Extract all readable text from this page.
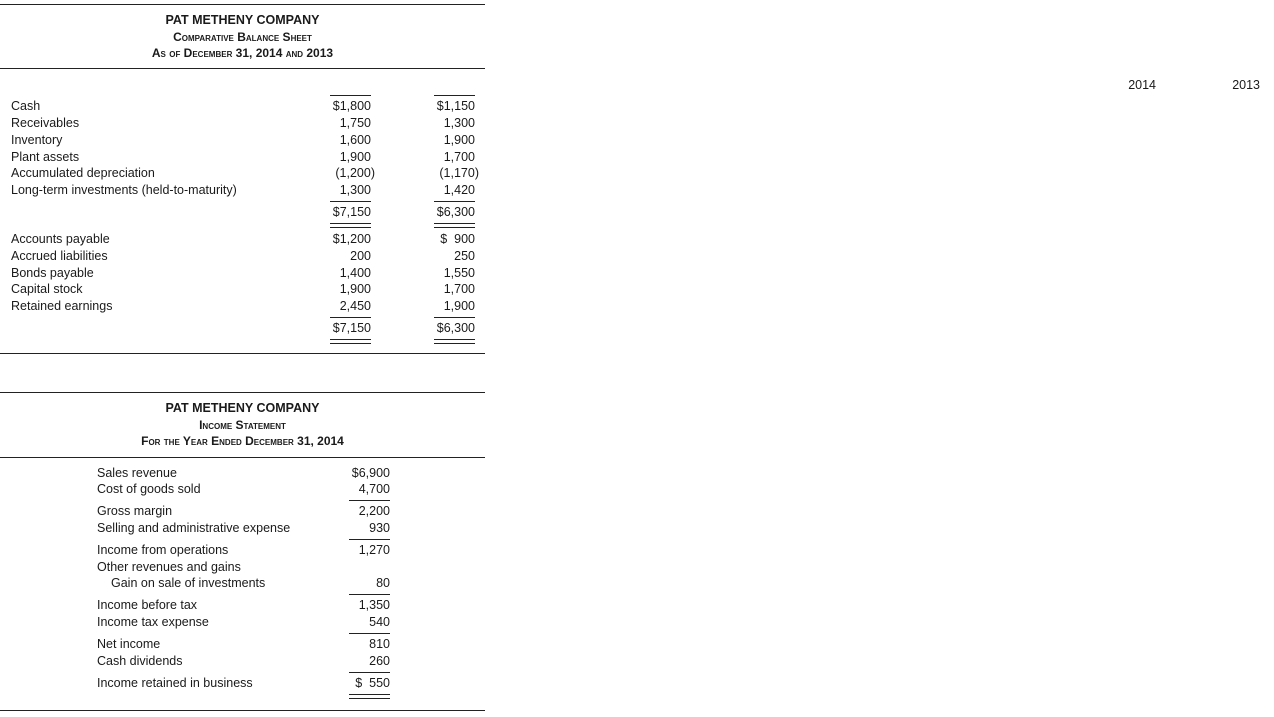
PAT METHENY COMPANY
Comparative Balance Sheet
As of December 31, 2014 and 2013
2014	2013
Cash	$1,800	$1,150
Receivables	1,750	1,300
Inventory	1,600	1,900
Plant assets	1,900	1,700
Accumulated depreciation	(1,200)	(1,170)
Long-term investments (held-to-maturity)	1,300	1,420
$7,150	$6,300
Accounts payable	$1,200	$  900
Accrued liabilities	200	250
Bonds payable	1,400	1,550
Capital stock	1,900	1,700
Retained earnings	2,450	1,900
$7,150	$6,300
PAT METHENY COMPANY
Income Statement
For the Year Ended December 31, 2014
Sales revenue	$6,900
Cost of goods sold	4,700
Gross margin	2,200
Selling and administrative expense	930
Income from operations	1,270
Other revenues and gains
Gain on sale of investments	80
Income before tax	1,350
Income tax expense	540
Net income	810
Cash dividends	260
Income retained in business	$  550
